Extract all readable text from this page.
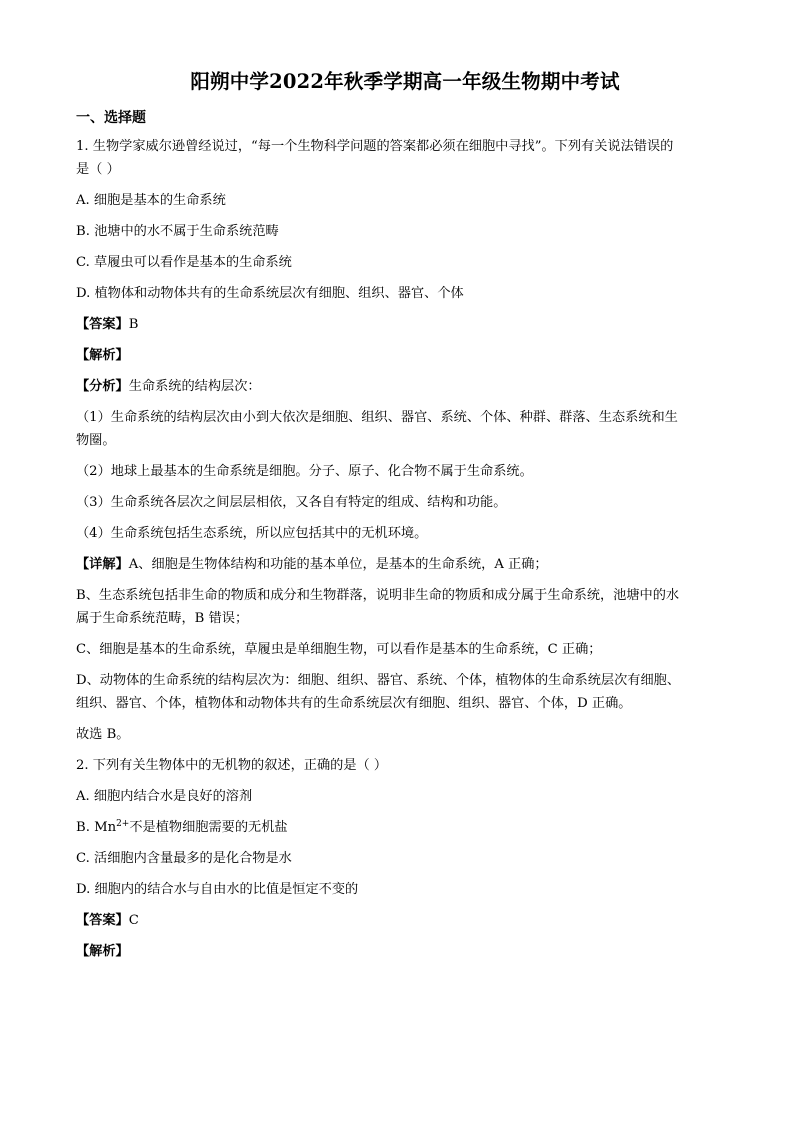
阳朔中学2022年秋季学期高一年级生物期中考试
一、选择题
1. 生物学家威尔逊曾经说过，“每一个生物科学问题的答案都必须在细胞中寻找”。下列有关说法错误的
是（ ）
A. 细胞是基本的生命系统
B. 池塘中的水不属于生命系统范畴
C. 草履虫可以看作是基本的生命系统
D. 植物体和动物体共有的生命系统层次有细胞、组织、器官、个体
【答案】B
【解析】
【分析】生命系统的结构层次：
（1）生命系统的结构层次由小到大依次是细胞、组织、器官、系统、个体、种群、群落、生态系统和生
物圈。
（2）地球上最基本的生命系统是细胞。分子、原子、化合物不属于生命系统。
（3）生命系统各层次之间层层相依，又各自有特定的组成、结构和功能。
（4）生命系统包括生态系统，所以应包括其中的无机环境。
【详解】A、细胞是生物体结构和功能的基本单位，是基本的生命系统，A 正确；
B、生态系统包括非生命的物质和成分和生物群落，说明非生命的物质和成分属于生命系统，池塘中的水
属于生命系统范畴，B 错误；
C、细胞是基本的生命系统，草履虫是单细胞生物，可以看作是基本的生命系统，C 正确；
D、动物体的生命系统的结构层次为：细胞、组织、器官、系统、个体，植物体的生命系统层次有细胞、
组织、器官、个体，植物体和动物体共有的生命系统层次有细胞、组织、器官、个体，D 正确。
故选 B。
2. 下列有关生物体中的无机物的叙述，正确的是（ ）
A. 细胞内结合水是良好的溶剂
B. $Mn^{2+}$不是植物细胞需要的无机盐
C. 活细胞内含量最多的是化合物是水
D. 细胞内的结合水与自由水的比值是恒定不变的
【答案】C
【解析】
